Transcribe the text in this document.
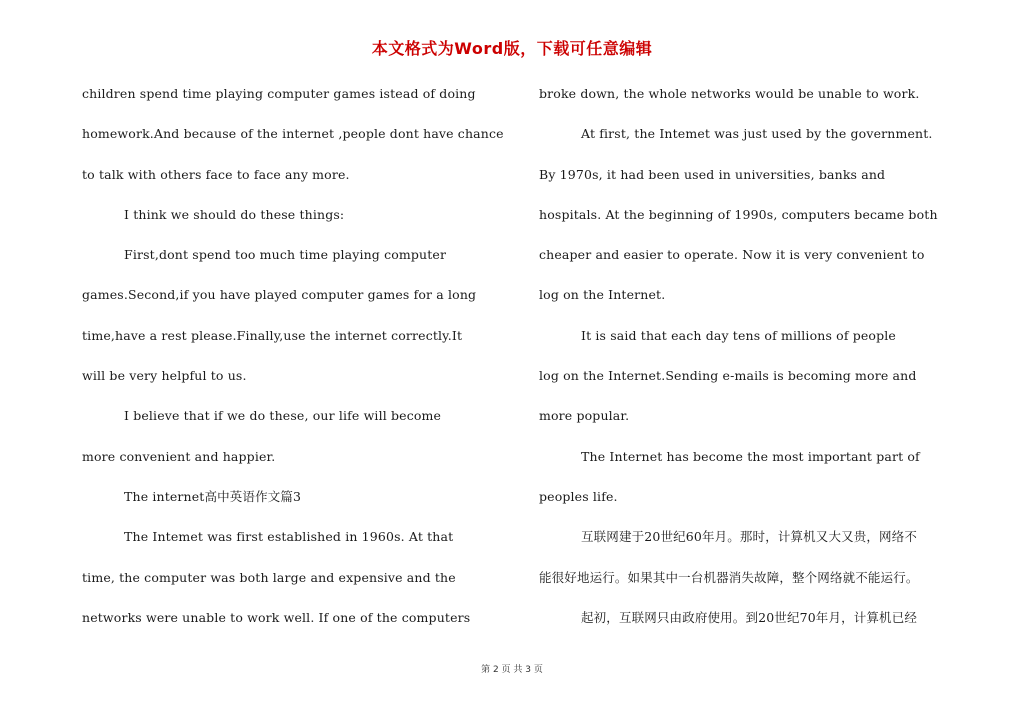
本文格式为Word版，下载可任意编辑
children spend time playing computer games istead of doing
homework.And because of the internet ,people dont have chance
to talk with others face to face any more.
I think we should do these things:
First,dont spend too much time playing computer
games.Second,if you have played computer games for a long
time,have a rest please.Finally,use the internet correctly.It
will be very helpful to us.
I believe that if we do these, our life will become
more convenient and happier.
The internet高中英语作文篇3
The Intemet was first established in 1960s. At that
time, the computer was both large and expensive and the
networks were unable to work well. If one of the computers
broke down, the whole networks would be unable to work.
At first, the Intemet was just used by the government.
By 1970s, it had been used in universities, banks and
hospitals. At the beginning of 1990s, computers became both
cheaper and easier to operate. Now it is very convenient to
log on the Internet.
It is said that each day tens of millions of people
log on the Internet.Sending e-mails is becoming more and
more popular.
The Internet has become the most important part of
peoples life.
互联网建于20世纪60年月。那时，计算机又大又贵，网络不
能很好地运行。如果其中一台机器消失故障，整个网络就不能运行。
起初，互联网只由政府使用。到20世纪70年月，计算机已经
第 2 页 共 3 页
